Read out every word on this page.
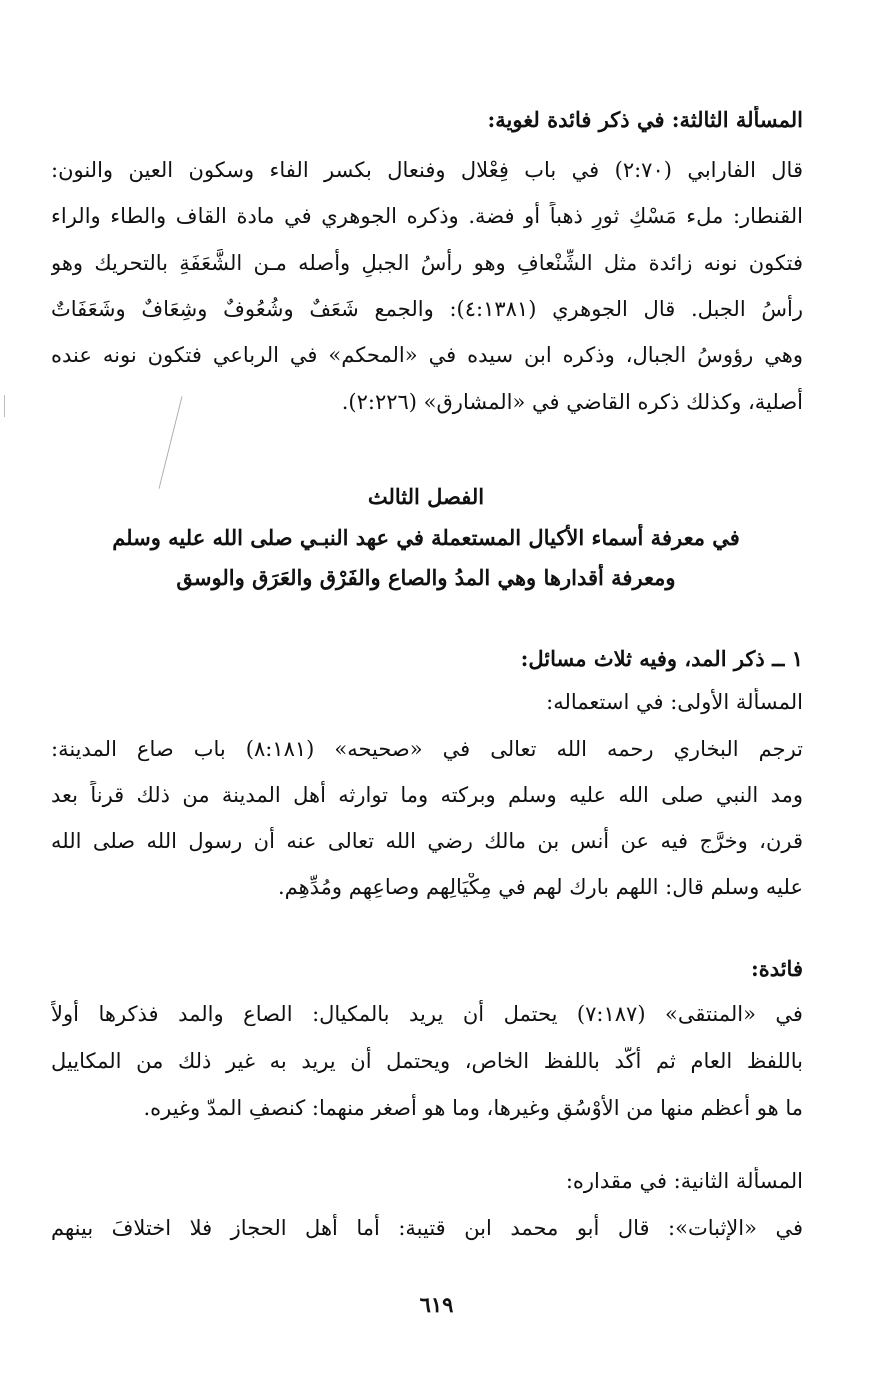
المسألة الثالثة: في ذكر فائدة لغوية:
قال الفارابي (٢:٧٠) في باب فِعْلال وفنعال بكسر الفاء وسكون العين والنون:
القنطار: ملء مَسْكِ ثورٍ ذهباً أو فضة. وذكره الجوهري في مادة القاف والطاء والراء
فتكون نونه زائدة مثل الشِّنْعافِ وهو رأسُ الجبلِ وأصله مـن الشَّعَفَةِ بالتحريك وهو
رأسُ الجبل. قال الجوهري (٤:١٣٨١): والجمع شَعَفٌ وشُعُوفٌ وشِعَافٌ وشَعَفَاتٌ
وهي رؤوسُ الجبال، وذكره ابن سيده في «المحكم» في الرباعي فتكون نونه عنده
أصلية، وكذلك ذكره القاضي في «المشارق» (٢:٢٢٦).
الفصل الثالث
في معرفة أسماء الأكيال المستعملة في عهد النبـي صلى الله عليه وسلم
ومعرفة أقدارها وهي المدُ والصاع والفَرْق والعَرَق والوسق
١ ــ ذكر المد، وفيه ثلاث مسائل:
المسألة الأولى: في استعماله:
ترجم البخاري رحمه الله تعالى في «صحيحه» (٨:١٨١) باب صاع المدينة:
ومد النبي صلى الله عليه وسلم وبركته وما توارثه أهل المدينة من ذلك قرناً بعد
قرن، وخرَّج فيه عن أنس بن مالك رضي الله تعالى عنه أن رسول الله صلى الله
عليه وسلم قال: اللهم بارك لهم في مِكْيَالِهم وصاعِهِم ومُدِّهِم.
فائدة:
في «المنتقى» (٧:١٨٧) يحتمل أن يريد بالمكيال: الصاع والمد فذكرها أولاً
باللفظ العام ثم أكَّد باللفظ الخاص، ويحتمل أن يريد به غير ذلك من المكاييل
ما هو أعظم منها من الأوْسُقِ وغيرها، وما هو أصغر منهما: كنصفِ المدّ وغيره.
المسألة الثانية: في مقداره:
في «الإثبات»: قال أبو محمد ابن قتيبة: أما أهل الحجاز فلا اختلافَ بينهم
٦١٩
